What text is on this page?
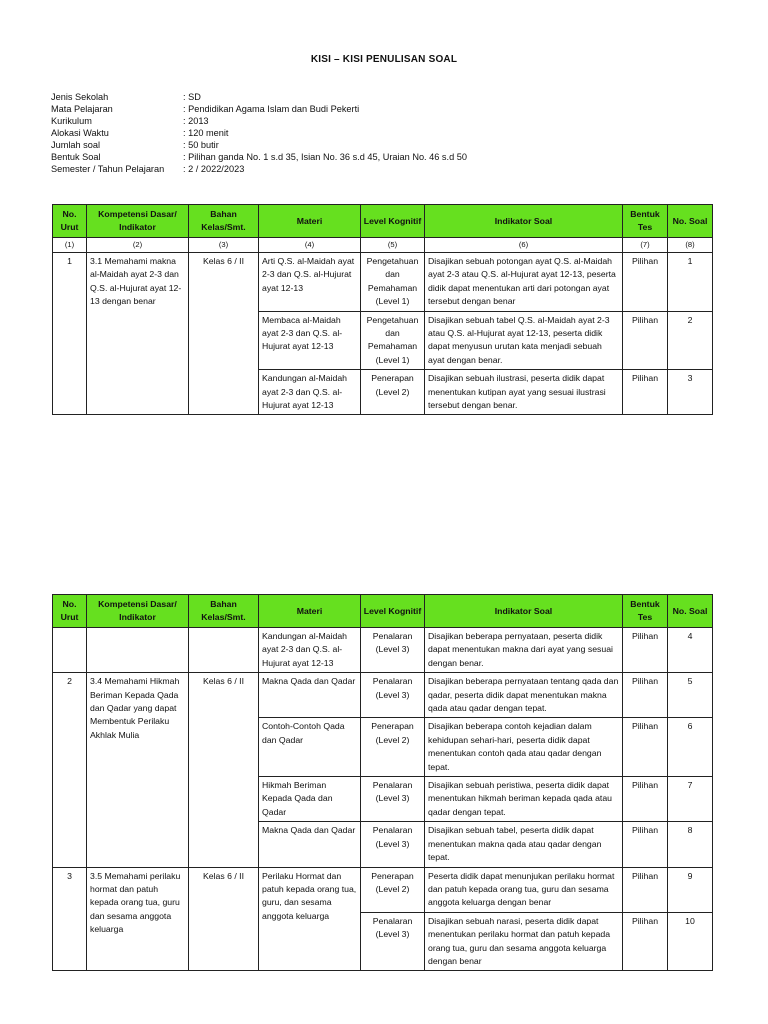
KISI – KISI PENULISAN SOAL
Jenis Sekolah	: SD
Mata Pelajaran	: Pendidikan Agama Islam dan Budi Pekerti
Kurikulum	: 2013
Alokasi Waktu	: 120 menit
Jumlah soal	: 50 butir
Bentuk Soal	: Pilihan ganda No. 1 s.d 35, Isian No. 36 s.d 45, Uraian No. 46 s.d 50
Semester / Tahun Pelajaran	: 2 / 2022/2023
No. Urut	Kompetensi Dasar/ Indikator	Bahan Kelas/Smt.	Materi	Level Kognitif	Indikator Soal	Bentuk Tes	No. Soal
(1)	(2)	(3)	(4)	(5)	(6)	(7)	(8)
1	3.1 Memahami makna al-Maidah ayat 2-3 dan Q.S. al-Hujurat ayat 12-13 dengan benar	Kelas 6 / II	Arti Q.S. al-Maidah ayat 2-3 dan Q.S. al-Hujurat ayat 12-13	Pengetahuan dan Pemahaman (Level 1)	Disajikan sebuah potongan ayat Q.S. al-Maidah ayat 2-3 atau Q.S. al-Hujurat ayat 12-13, peserta didik dapat menentukan arti dari potongan ayat tersebut dengan benar	Pilihan	1
			Membaca al-Maidah ayat 2-3 dan Q.S. al-Hujurat ayat 12-13	Pengetahuan dan Pemahaman (Level 1)	Disajikan sebuah tabel Q.S. al-Maidah ayat 2-3 atau Q.S. al-Hujurat ayat 12-13, peserta didik dapat menyusun urutan kata menjadi sebuah ayat dengan benar.	Pilihan	2
			Kandungan al-Maidah ayat 2-3 dan Q.S. al-Hujurat ayat 12-13	Penerapan (Level 2)	Disajikan sebuah ilustrasi, peserta didik dapat menentukan kutipan ayat yang sesuai ilustrasi tersebut dengan benar.	Pilihan	3
No. Urut	Kompetensi Dasar/ Indikator	Bahan Kelas/Smt.	Materi	Level Kognitif	Indikator Soal	Bentuk Tes	No. Soal
			Kandungan al-Maidah ayat 2-3 dan Q.S. al-Hujurat ayat 12-13	Penalaran (Level 3)	Disajikan beberapa pernyataan, peserta didik dapat menentukan makna dari ayat yang sesuai dengan benar.	Pilihan	4
2	3.4 Memahami Hikmah Beriman Kepada Qada dan Qadar yang dapat Membentuk Perilaku Akhlak Mulia	Kelas 6 / II	Makna Qada dan Qadar	Penalaran (Level 3)	Disajikan beberapa pernyataan tentang qada dan qadar, peserta didik dapat menentukan makna qada atau qadar dengan tepat.	Pilihan	5
			Contoh-Contoh Qada dan Qadar	Penerapan (Level 2)	Disajikan beberapa contoh kejadian dalam kehidupan sehari-hari, peserta didik dapat menentukan contoh qada atau qadar dengan tepat.	Pilihan	6
			Hikmah Beriman Kepada Qada dan Qadar	Penalaran (Level 3)	Disajikan sebuah peristiwa, peserta didik dapat menentukan hikmah beriman kepada qada atau qadar dengan tepat.	Pilihan	7
			Makna Qada dan Qadar	Penalaran (Level 3)	Disajikan sebuah tabel, peserta didik dapat menentukan makna qada atau qadar dengan tepat.	Pilihan	8
3	3.5 Memahami perilaku hormat dan patuh kepada orang tua, guru dan sesama anggota keluarga	Kelas 6 / II	Perilaku Hormat dan patuh kepada orang tua, guru, dan sesama anggota keluarga	Penerapan (Level 2)	Peserta didik dapat menunjukan perilaku hormat dan patuh kepada orang tua, guru dan sesama anggota keluarga dengan benar	Pilihan	9
				Penalaran (Level 3)	Disajikan sebuah narasi, peserta didik dapat menentukan perilaku hormat dan patuh kepada orang tua, guru dan sesama anggota keluarga dengan benar	Pilihan	10
